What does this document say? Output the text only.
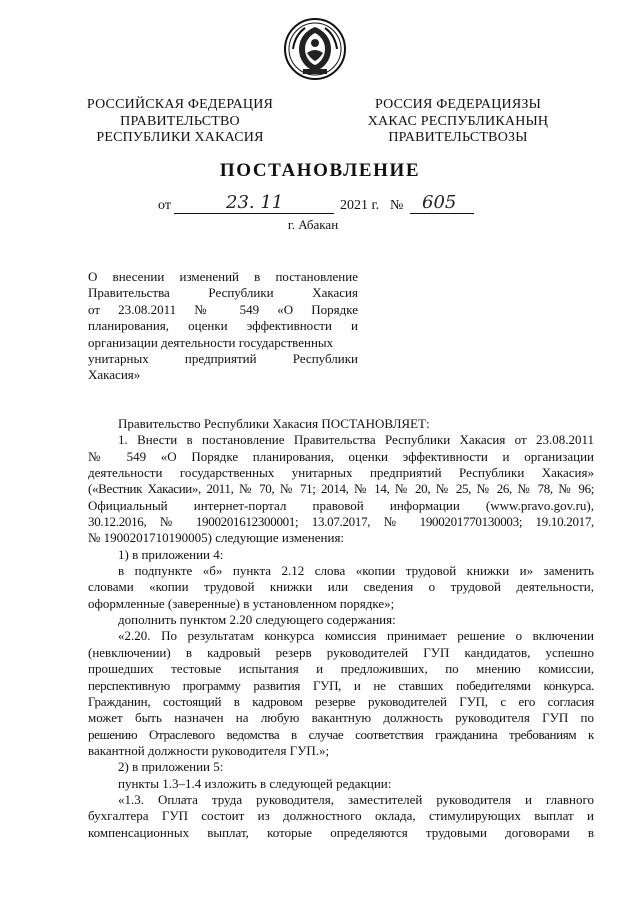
РОССИЙСКАЯ ФЕДЕРАЦИЯ
ПРАВИТЕЛЬСТВО
РЕСПУБЛИКИ ХАКАСИЯ
РОССИЯ ФЕДЕРАЦИЯЗЫ
ХАКАС РЕСПУБЛИКАНЫҢ
ПРАВИТЕЛЬСТВОЗЫ
ПОСТАНОВЛЕНИЕ
от	23. 11	2021 г. № 605
г. Абакан
О внесении изменений в постановление
Правительства Республики Хакасия
от 23.08.2011 № 549 «О Порядке
планирования, оценки эффективности и
организации деятельности государственных
унитарных предприятий Республики
Хакасия»
Правительство Республики Хакасия ПОСТАНОВЛЯЕТ:
1. Внести в постановление Правительства Республики Хакасия от 23.08.2011
№ 549 «О Порядке планирования, оценки эффективности и организации
деятельности государственных унитарных предприятий Республики Хакасия»
(«Вестник Хакасии», 2011, № 70, № 71; 2014, № 14, № 20, № 25, № 26, № 78, № 96;
Официальный интернет-портал правовой информации (www.pravo.gov.ru),
30.12.2016, № 1900201612300001; 13.07.2017, № 1900201770130003; 19.10.2017,
№ 1900201710190005) следующие изменения:
1) в приложении 4:
в подпункте «б» пункта 2.12 слова «копии трудовой книжки и» заменить
словами «копии трудовой книжки или сведения о трудовой деятельности,
оформленные (заверенные) в установленном порядке»;
дополнить пунктом 2.20 следующего содержания:
«2.20. По результатам конкурса комиссия принимает решение о включении
(невключении) в кадровый резерв руководителей ГУП кандидатов, успешно
прошедших тестовые испытания и предложивших, по мнению комиссии,
перспективную программу развития ГУП, и не ставших победителями конкурса.
Гражданин, состоящий в кадровом резерве руководителей ГУП, с его согласия
может быть назначен на любую вакантную должность руководителя ГУП по
решению Отраслевого ведомства в случае соответствия гражданина требованиям к
вакантной должности руководителя ГУП.»;
2) в приложении 5:
пункты 1.3–1.4 изложить в следующей редакции:
«1.3. Оплата труда руководителя, заместителей руководителя и главного
бухгалтера ГУП состоит из должностного оклада, стимулирующих выплат и
компенсационных выплат, которые определяются трудовыми договорами в
